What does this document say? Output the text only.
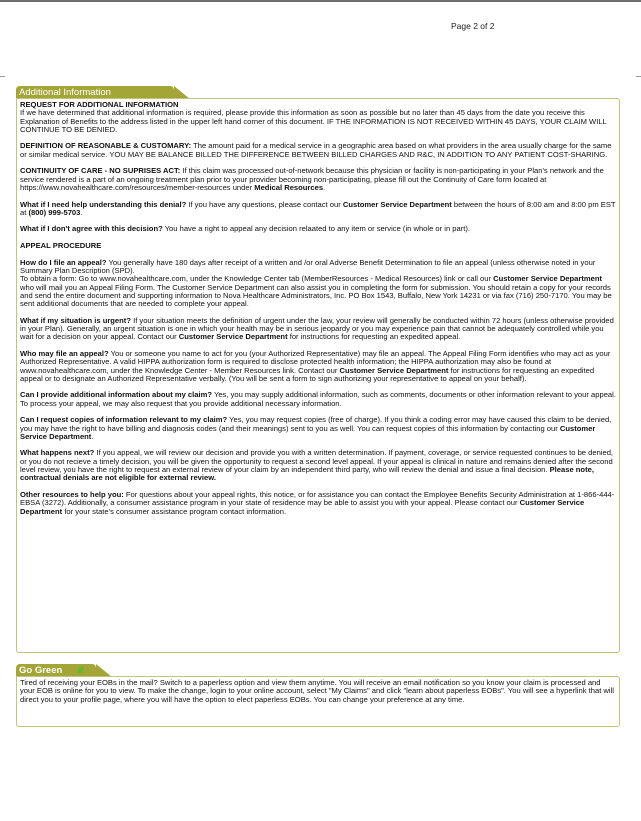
Page 2 of 2
Additional Information

REQUEST FOR ADDITIONAL INFORMATION
If we have determined that additional information is required, please provide this information as soon as possible but no later than 45 days from the date you receive this Explanation of Benefits to the address listed in the upper left hand corner of this document. IF THE INFORMATION IS NOT RECEIVED WITHIN 45 DAYS, YOUR CLAIM WILL CONTINUE TO BE DENIED.

DEFINITION OF REASONABLE & CUSTOMARY: The amount paid for a medical service in a geographic area based on what providers in the area usually charge for the same or similar medical service. YOU MAY BE BALANCE BILLED THE DIFFERENCE BETWEEN BILLED CHARGES AND R&C, IN ADDITION TO ANY PATIENT COST-SHARING.

CONTINUITY OF CARE - NO SUPRISES ACT: If this claim was processed out-of-network because this physician or facility is non-participating in your Plan's network and the service rendered is a part of an ongoing treatment plan prior to your provider becoming non-participating, please fill out the Continuity of Care form located at https://www.novahealthcare.com/resources/member-resources under Medical Resources.

What if I need help understanding this denial? If you have any questions, please contact our Customer Service Department between the hours of 8:00 am and 8:00 pm EST at (800) 999-5703.

What if I don't agree with this decision? You have a right to appeal any decision relaated to any item or service (in whole or in part).

APPEAL PROCEDURE

How do I file an appeal? You generally have 180 days after receipt of a written and /or oral Adverse Benefit Determination to file an appeal (unless otherwise noted in your Summary Plan Description (SPD).
To obtain a form: Go to www.novahealthcare.com, under the Knowledge Center tab (MemberResources - Medical Resources) link or call our Customer Service Department who will mail you an Appeal Filing Form. The Customer Service Department can also assist you in completing the form for submission. You should retain a copy for your records and send the entire document and supporting information to Nova Healthcare Administrators, Inc. PO Box 1543, Buffalo, New York 14231 or via fax (716) 250-7170. You may be sent additional documents that are needed to complete your appeal.

What if my situation is urgent? If your situation meets the definition of urgent under the law, your review will generally be conducted within 72 hours (unless otherwise provided in your Plan). Generally, an urgent situation is one in which your health may be in serious jeopardy or you may experience pain that cannot be adequately controlled while you wait for a decision on your appeal. Contact our Customer Service Department for instructions for requesting an expedited appeal.

Who may file an appeal? You or someone you name to act for you (your Authorized Representative) may file an appeal. The Appeal Filing Form identifies who may act as your Authorized Representative. A valid HIPPA authorization form is required to disclose protected health information; the HIPPA authorization may also be found at www.novahealthcare.com, under the Knowledge Center - Member Resources link. Contact our Customer Service Department for instructions for requesting an expedited appeal or to designate an Authorized Representative verbally. (You will be sent a form to sign authorizing your representative to appeal on your behalf).

Can I provide additional information about my claim? Yes, you may supply additional information, such as comments, documents or other information relevant to your appeal. To process your appeal, we may also request that you provide additional necessary information.

Can I request copies of information relevant to my claim? Yes, you may request copies (free of charge). If you think a coding error may have caused this claim to be denied, you may have the right to have billing and diagnosis codes (and their meanings) sent to you as well. You can request copies of this information by contacting our Customer Service Department.

What happens next? If you appeal, we will review our decision and provide you with a written determination. If payment, coverage, or service requested continues to be denied, or you do not recieve a timely decision, you will be given the opportunity to request a second level appeal. If your appeal is clinical in nature and remains denied after the second level review, you have the right to request an external review of your claim by an independent third party, who will review the denial and issue a final decision. Please note, contractual denials are not eligible for external review.

Other resources to help you: For questions about your appeal rights, this notice, or for assistance you can contact the Employee Benefits Security Administration at 1-866-444-EBSA (3272). Additionally, a consumer assistance program in your state of residence may be able to assist you with your appeal. Please contact our Customer Service Department for your state's consumer assistance program contact information.

Go Green

Tired of receiving your EOBs in the mail? Switch to a paperless option and view them anytime. You will receive an email notification so you know your claim is processed and your EOB is online for you to view. To make the change, login to your online account, select "My Claims" and click "learn about paperless EOBs". You will see a hyperlink that will direct you to your profile page, where you will have the option to elect paperless EOBs. You can change your preference at any time.
